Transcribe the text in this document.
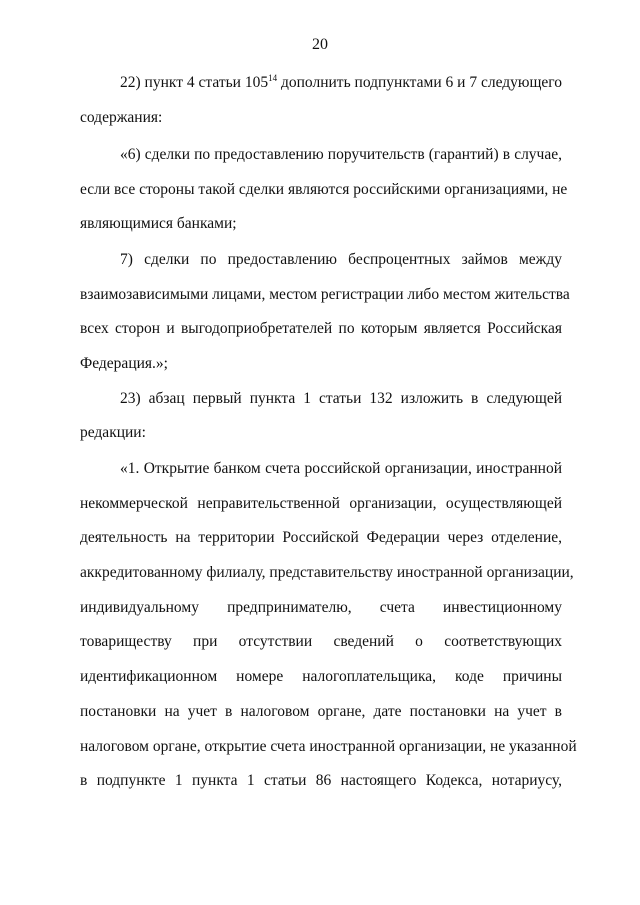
20
22) пункт 4 статьи $105^{14}$ дополнить подпунктами 6 и 7 следующего
содержания:
«6) сделки по предоставлению поручительств (гарантий) в случае,
если все стороны такой сделки являются российскими организациями, не
являющимися банками;
7) сделки по предоставлению беспроцентных займов между
взаимозависимыми лицами, местом регистрации либо местом жительства
всех сторон и выгодоприобретателей по которым является Российская
Федерация.»;
23) абзац первый пункта 1 статьи 132 изложить в следующей
редакции:
«1. Открытие банком счета российской организации, иностранной
некоммерческой неправительственной организации, осуществляющей
деятельность на территории Российской Федерации через отделение,
аккредитованному филиалу, представительству иностранной организации,
индивидуальному предпринимателю, счета инвестиционному
товариществу при отсутствии сведений о соответствующих
идентификационном номере налогоплательщика, коде причины
постановки на учет в налоговом органе, дате постановки на учет в
налоговом органе, открытие счета иностранной организации, не указанной
в подпункте 1 пункта 1 статьи 86 настоящего Кодекса, нотариусу,
